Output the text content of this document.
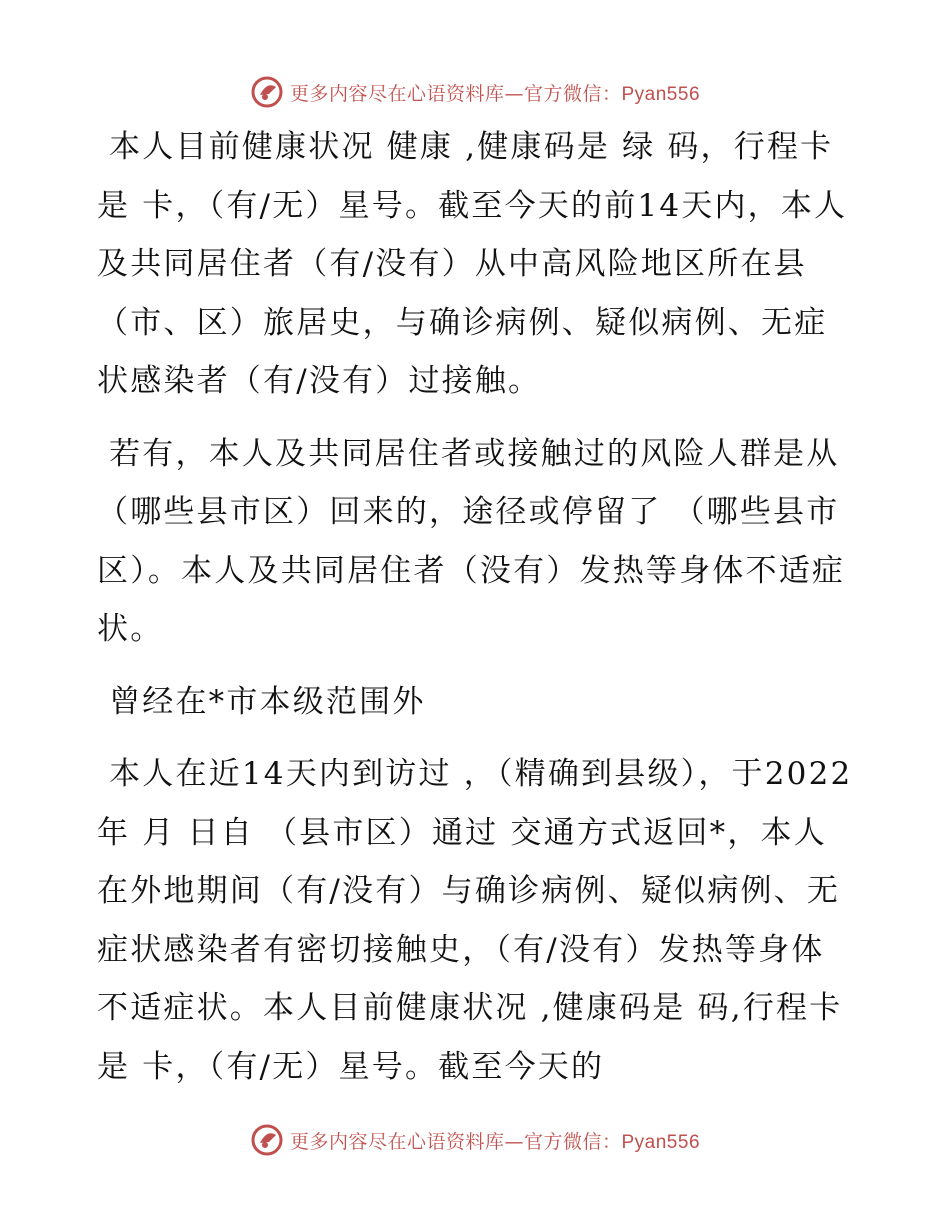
更多内容尽在心语资料库—官方微信：Pyan556

本人目前健康状况 健康 ,健康码是 绿 码，行程卡是 卡，（有/无）星号。截至今天的前14天内，本人及共同居住者（有/没有）从中高风险地区所在县（市、区）旅居史，与确诊病例、疑似病例、无症状感染者（有/没有）过接触。

若有，本人及共同居住者或接触过的风险人群是从 （哪些县市区）回来的，途径或停留了 （哪些县市区）。本人及共同居住者（没有）发热等身体不适症状。

曾经在*市本级范围外

本人在近14天内到访过 ，（精确到县级），于2022年 月 日自 （县市区）通过 交通方式返回*，本人在外地期间（有/没有）与确诊病例、疑似病例、无症状感染者有密切接触史，（有/没有）发热等身体不适症状。本人目前健康状况 ,健康码是 码,行程卡是 卡，（有/无）星号。截至今天的

更多内容尽在心语资料库—官方微信：Pyan556
